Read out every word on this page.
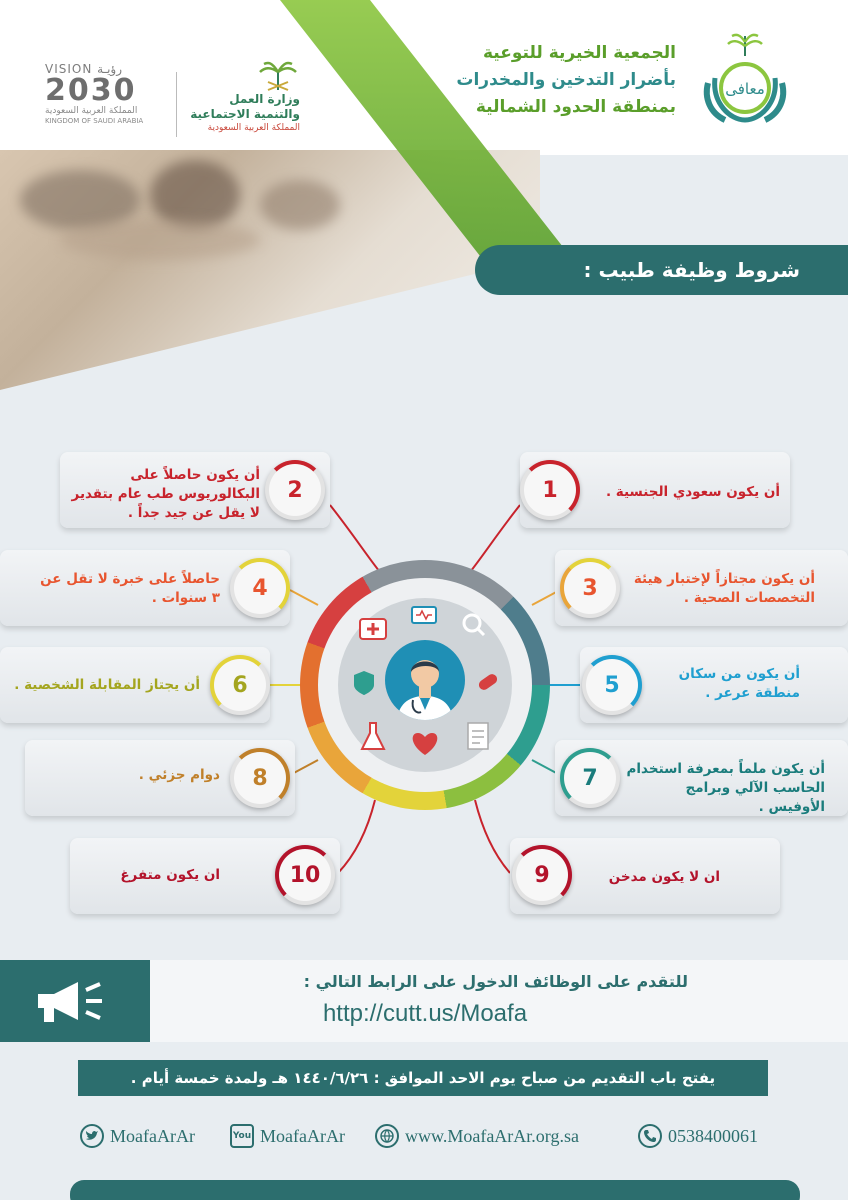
معافى
الجمعية الخيرية للتوعية
بأضرار التدخين والمخدرات
بمنطقة الحدود الشمالية
وزارة العمل
والتنمية الاجتماعية
المملكة العربية السعودية
VISION رؤيـة
2030
المملكة العربية السعودية
KINGDOM OF SAUDI ARABIA
شروط وظيفة طبيب :
أن يكون حاصلاً على البكالوريوس طب عام بتقدير لا يقل عن جيد جداً .
2
حاصلاً على خبرة لا تقل عن ٣ سنوات .	4
أن يجتاز المقابلة الشخصية .	6
دوام جزئي .	8
ان يكون متفرغ	10
1	أن يكون سعودي الجنسية .
3	أن يكون مجتازاً لإختبار هيئة التخصصات الصحية .
5	أن يكون من سكان منطقة عرعر .
7	أن يكون ملماً بمعرفة استخدام الحاسب الآلي وبرامج الأوفيس .
9	ان لا يكون مدخن
للتقدم على الوظائف الدخول على الرابط التالي :
http://cutt.us/Moafa
يفتح باب التقديم من صباح يوم الاحد الموافق : ١٤٤٠/٦/٢٦ هـ ولمدة خمسة أيام .
MoafaArAr	You MoafaArAr	www.MoafaArAr.org.sa	0538400061
